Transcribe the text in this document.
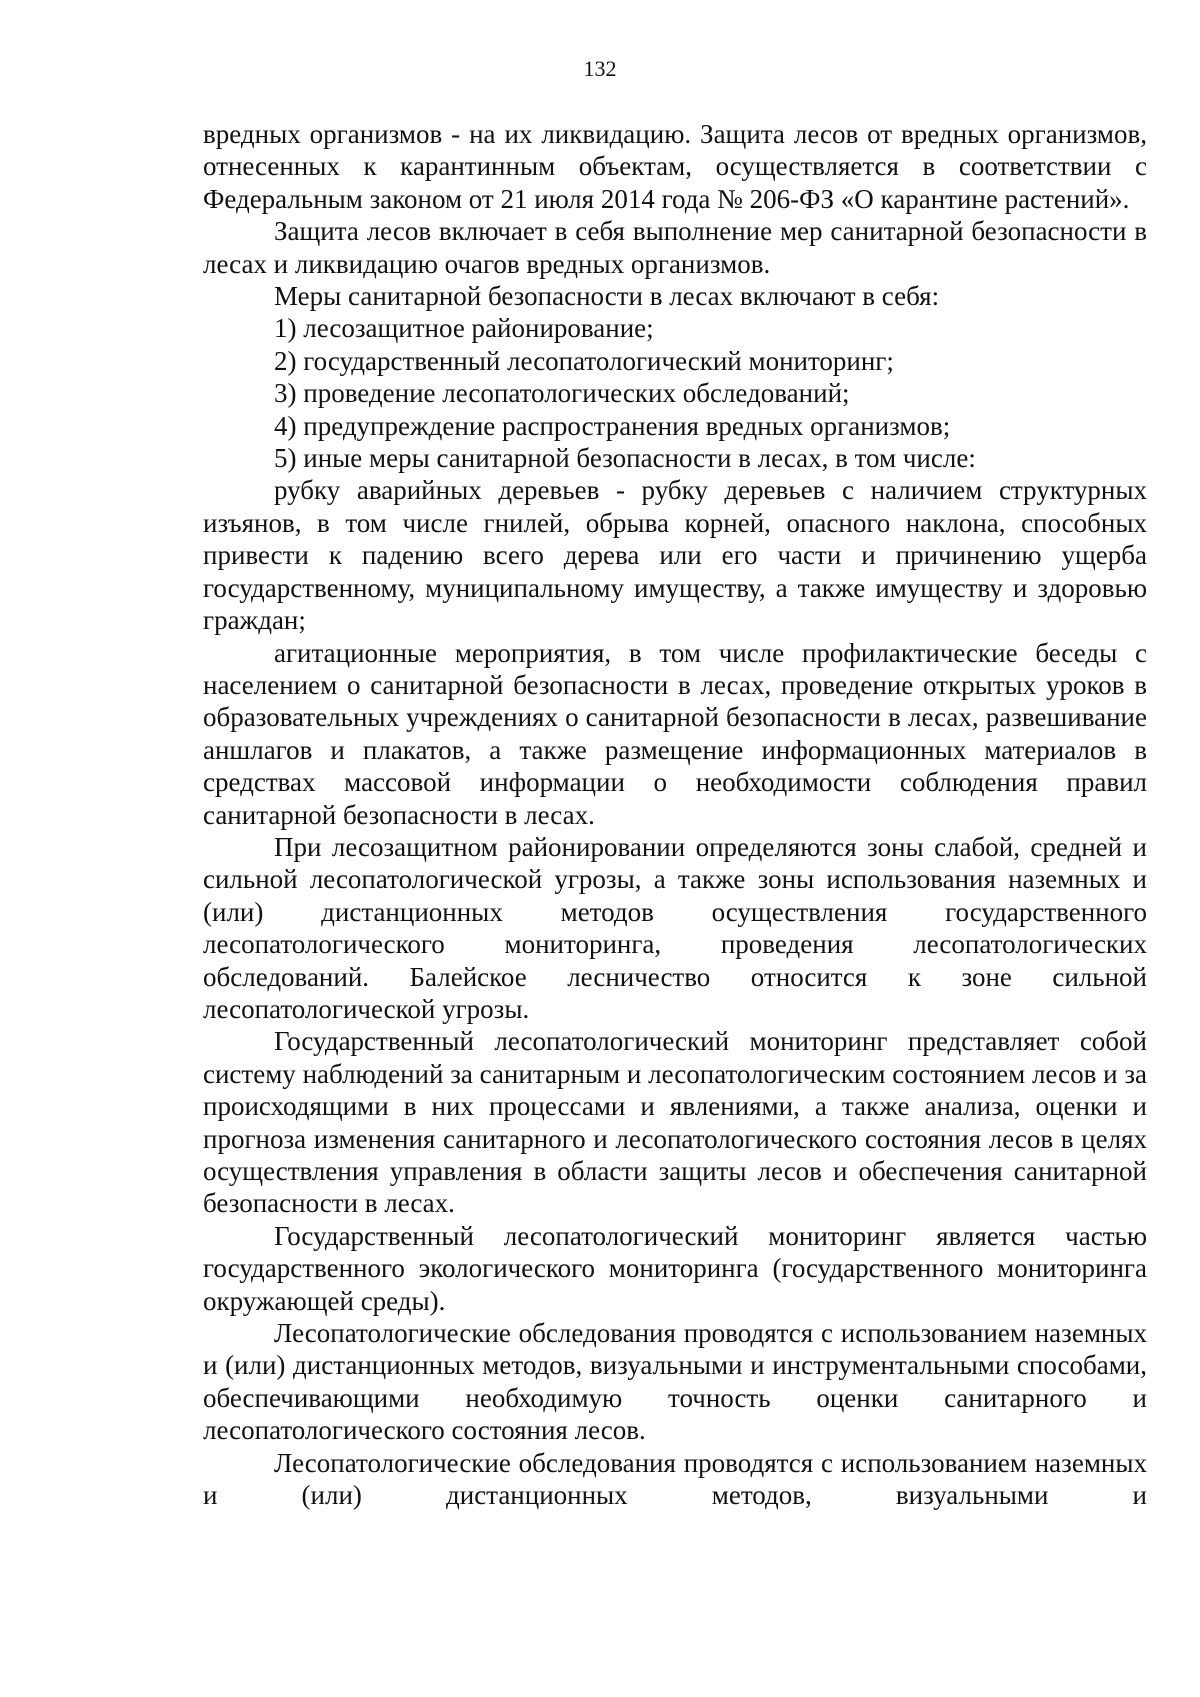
132

вредных организмов - на их ликвидацию. Защита лесов от вредных организмов, отнесенных к карантинным объектам, осуществляется в соответствии с Федеральным законом от 21 июля 2014 года № 206-ФЗ «О карантине растений».

Защита лесов включает в себя выполнение мер санитарной безопасности в лесах и ликвидацию очагов вредных организмов.

Меры санитарной безопасности в лесах включают в себя:

1) лесозащитное районирование;

2) государственный лесопатологический мониторинг;

3) проведение лесопатологических обследований;

4) предупреждение распространения вредных организмов;

5) иные меры санитарной безопасности в лесах, в том числе:

рубку аварийных деревьев - рубку деревьев с наличием структурных изъянов, в том числе гнилей, обрыва корней, опасного наклона, способных привести к падению всего дерева или его части и причинению ущерба государственному, муниципальному имуществу, а также имуществу и здоровью граждан;

агитационные мероприятия, в том числе профилактические беседы с населением о санитарной безопасности в лесах, проведение открытых уроков в образовательных учреждениях о санитарной безопасности в лесах, развешивание аншлагов и плакатов, а также размещение информационных материалов в средствах массовой информации о необходимости соблюдения правил санитарной безопасности в лесах.

При лесозащитном районировании определяются зоны слабой, средней и сильной лесопатологической угрозы, а также зоны использования наземных и (или) дистанционных методов осуществления государственного лесопатологического мониторинга, проведения лесопатологических обследований. Балейское лесничество относится к зоне сильной лесопатологической угрозы.

Государственный лесопатологический мониторинг представляет собой систему наблюдений за санитарным и лесопатологическим состоянием лесов и за происходящими в них процессами и явлениями, а также анализа, оценки и прогноза изменения санитарного и лесопатологического состояния лесов в целях осуществления управления в области защиты лесов и обеспечения санитарной безопасности в лесах.

Государственный лесопатологический мониторинг является частью государственного экологического мониторинга (государственного мониторинга окружающей среды).

Лесопатологические обследования проводятся с использованием наземных и (или) дистанционных методов, визуальными и инструментальными способами, обеспечивающими необходимую точность оценки санитарного и лесопатологического состояния лесов.

Лесопатологические обследования проводятся с использованием наземных и (или) дистанционных методов, визуальными и
